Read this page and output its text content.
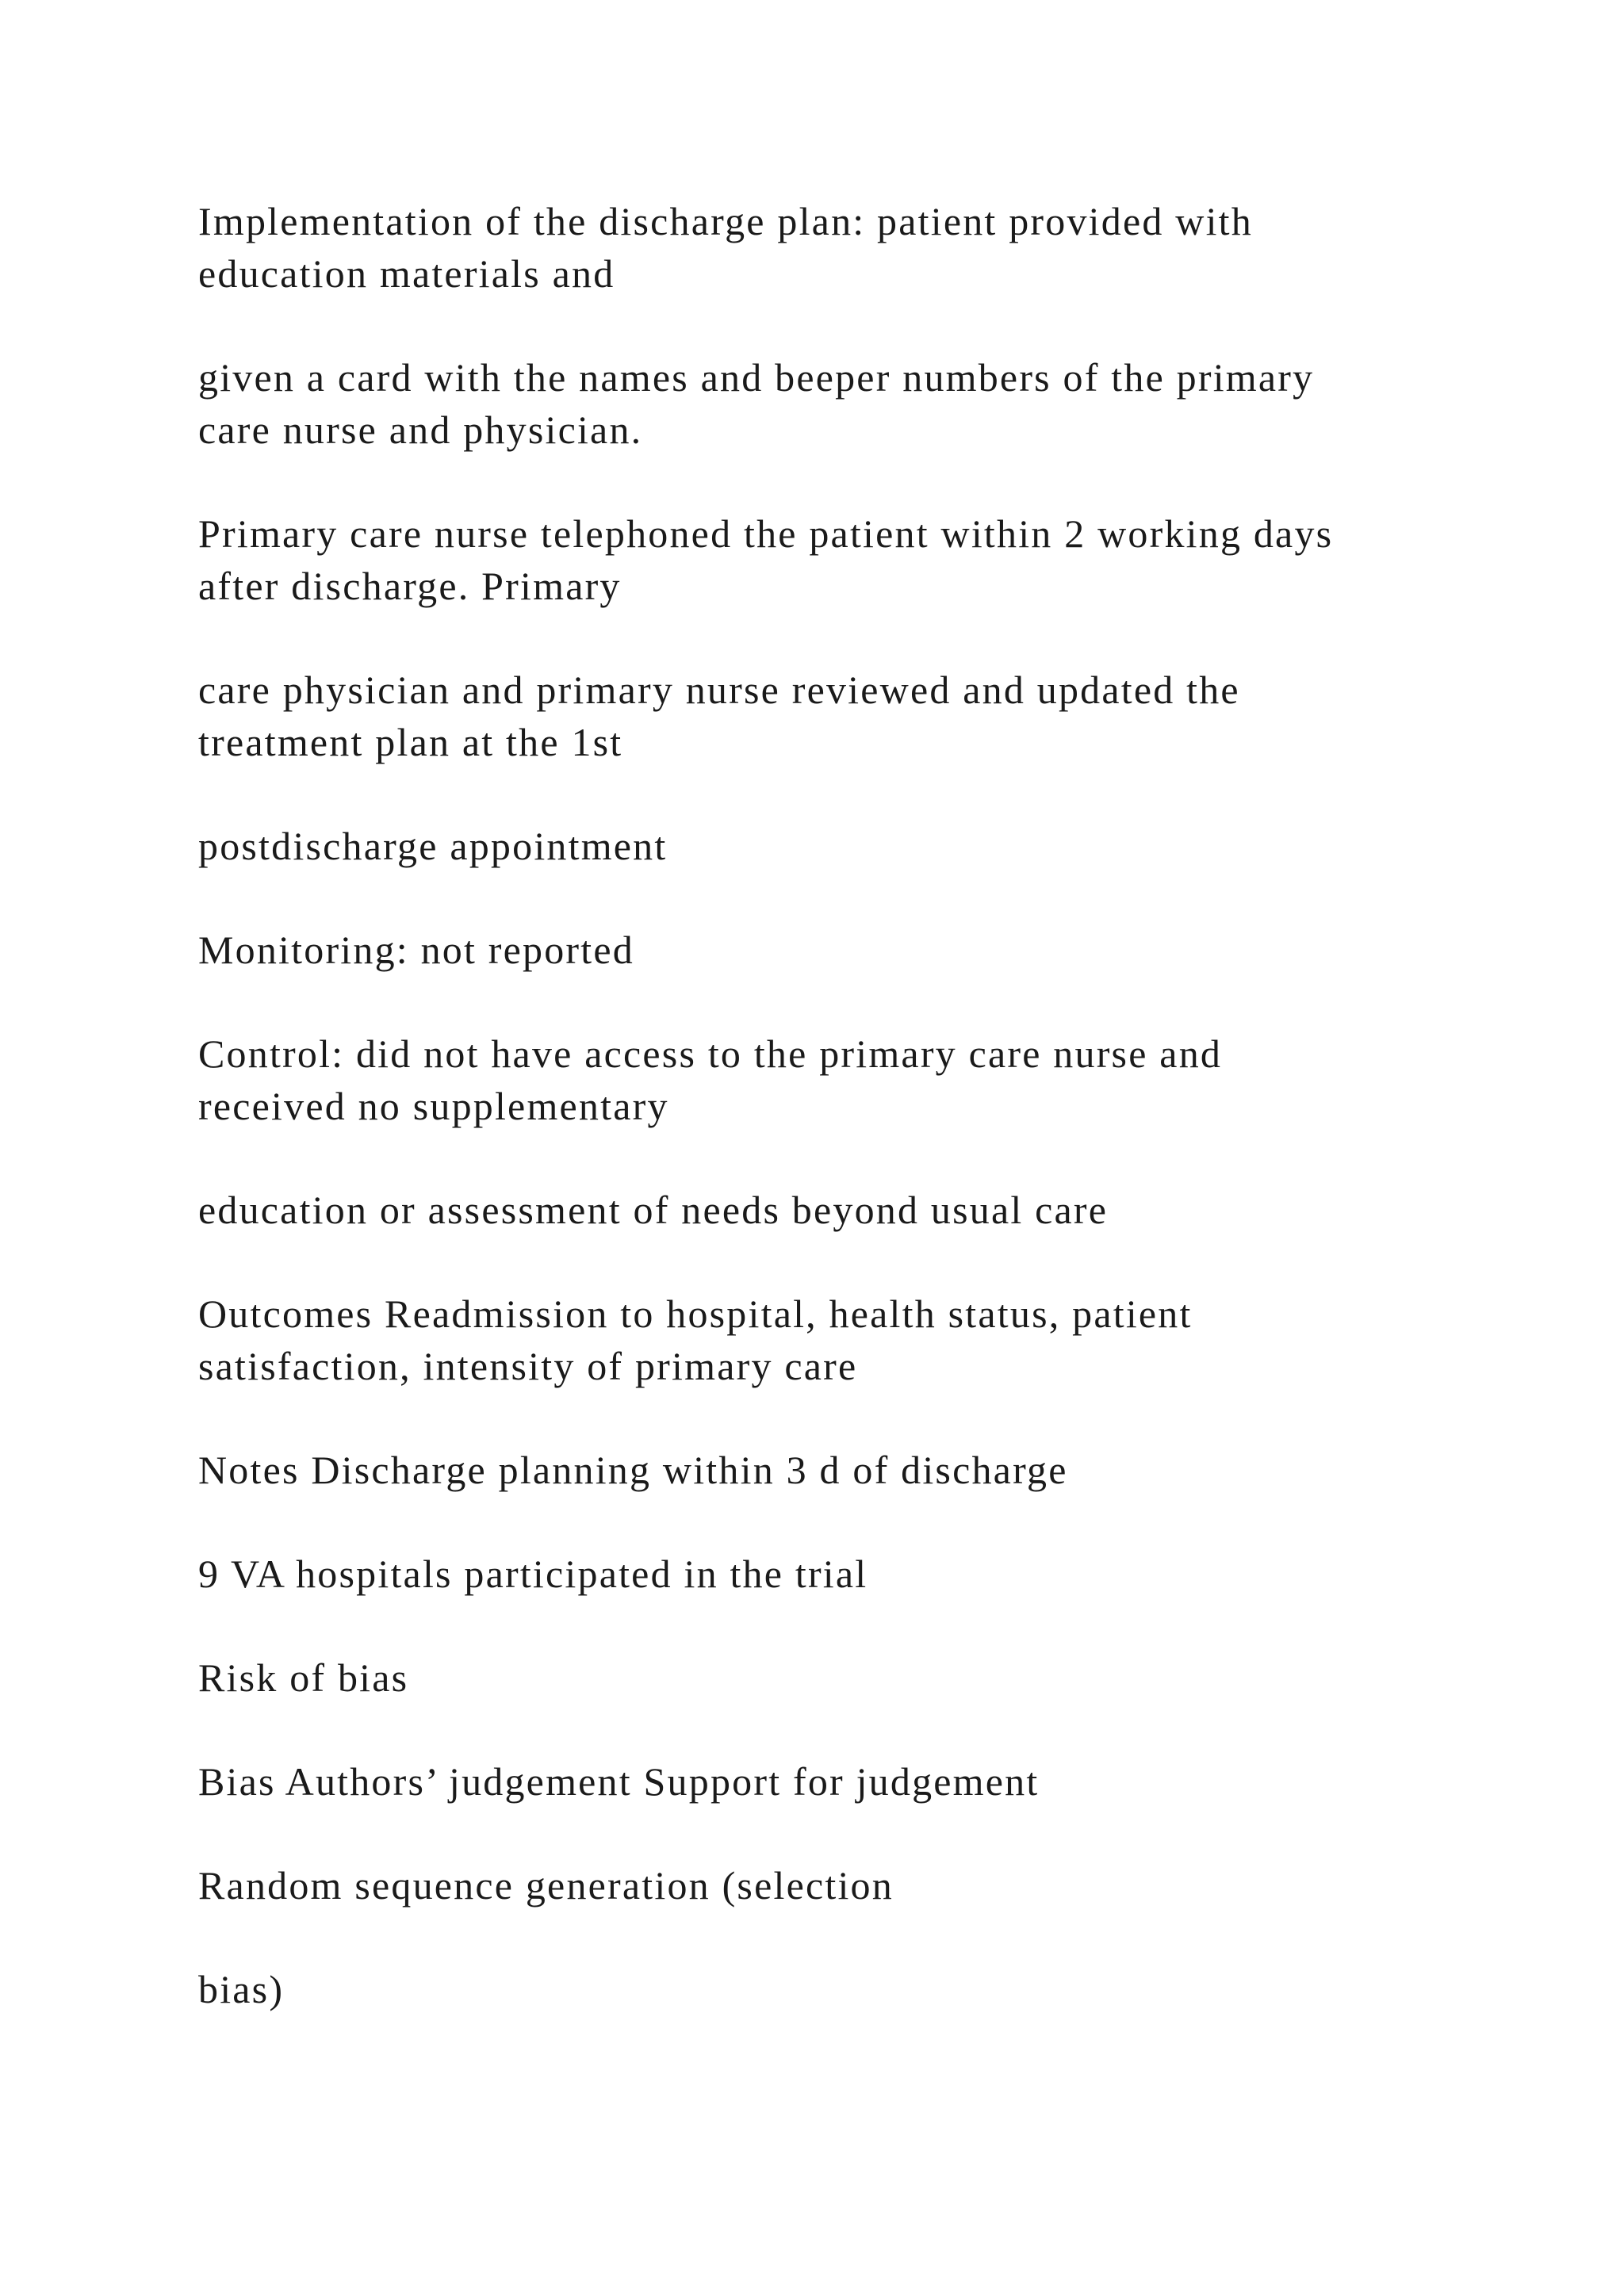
Implementation of the discharge plan: patient provided with
education materials and

given a card with the names and beeper numbers of the primary
care nurse and physician.

Primary care nurse telephoned the patient within 2 working days
after discharge. Primary

care physician and primary nurse reviewed and updated the
treatment plan at the 1st

postdischarge appointment

Monitoring: not reported

Control: did not have access to the primary care nurse and
received no supplementary

education or assessment of needs beyond usual care

Outcomes Readmission to hospital, health status, patient
satisfaction, intensity of primary care

Notes Discharge planning within 3 d of discharge

9 VA hospitals participated in the trial

Risk of bias

Bias Authors’ judgement Support for judgement

Random sequence generation (selection

bias)
